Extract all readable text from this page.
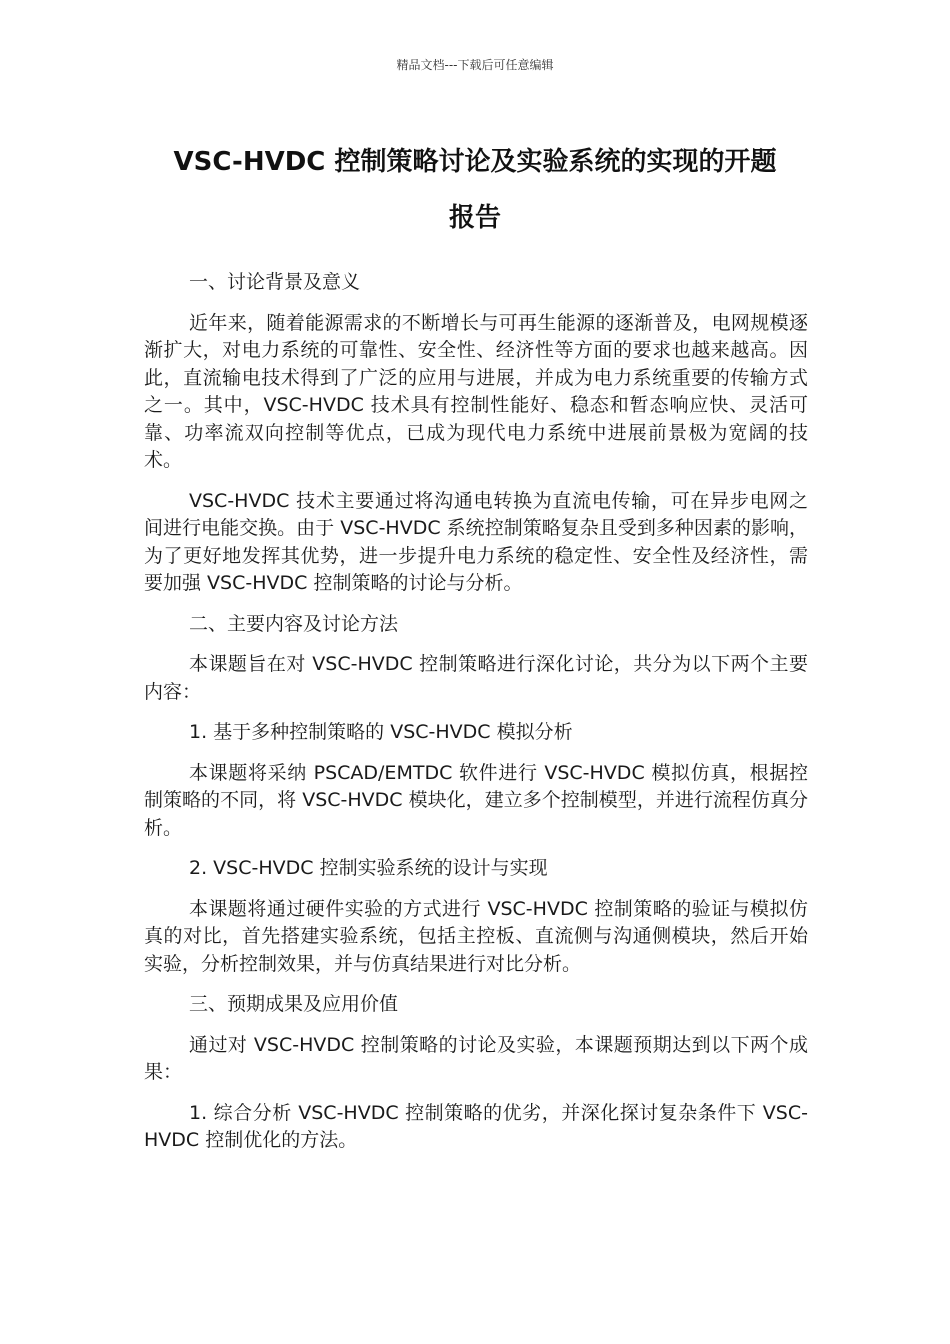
精品文档---下载后可任意编辑
VSC-HVDC 控制策略讨论及实验系统的实现的开题
报告

一、讨论背景及意义

近年来，随着能源需求的不断增长与可再生能源的逐渐普及，电网规模逐渐扩大，对电力系统的可靠性、安全性、经济性等方面的要求也越来越高。因此，直流输电技术得到了广泛的应用与进展，并成为电力系统重要的传输方式之一。其中，VSC-HVDC 技术具有控制性能好、稳态和暂态响应快、灵活可靠、功率流双向控制等优点，已成为现代电力系统中进展前景极为宽阔的技术。

VSC-HVDC 技术主要通过将沟通电转换为直流电传输，可在异步电网之间进行电能交换。由于 VSC-HVDC 系统控制策略复杂且受到多种因素的影响，为了更好地发挥其优势，进一步提升电力系统的稳定性、安全性及经济性，需要加强 VSC-HVDC 控制策略的讨论与分析。

二、主要内容及讨论方法

本课题旨在对 VSC-HVDC 控制策略进行深化讨论，共分为以下两个主要内容：

1. 基于多种控制策略的 VSC-HVDC 模拟分析

本课题将采纳 PSCAD/EMTDC 软件进行 VSC-HVDC 模拟仿真，根据控制策略的不同，将 VSC-HVDC 模块化，建立多个控制模型，并进行流程仿真分析。

2. VSC-HVDC 控制实验系统的设计与实现

本课题将通过硬件实验的方式进行 VSC-HVDC 控制策略的验证与模拟仿真的对比，首先搭建实验系统，包括主控板、直流侧与沟通侧模块，然后开始实验，分析控制效果，并与仿真结果进行对比分析。

三、预期成果及应用价值

通过对 VSC-HVDC 控制策略的讨论及实验，本课题预期达到以下两个成果：

1. 综合分析 VSC-HVDC 控制策略的优劣，并深化探讨复杂条件下 VSC-HVDC 控制优化的方法。
